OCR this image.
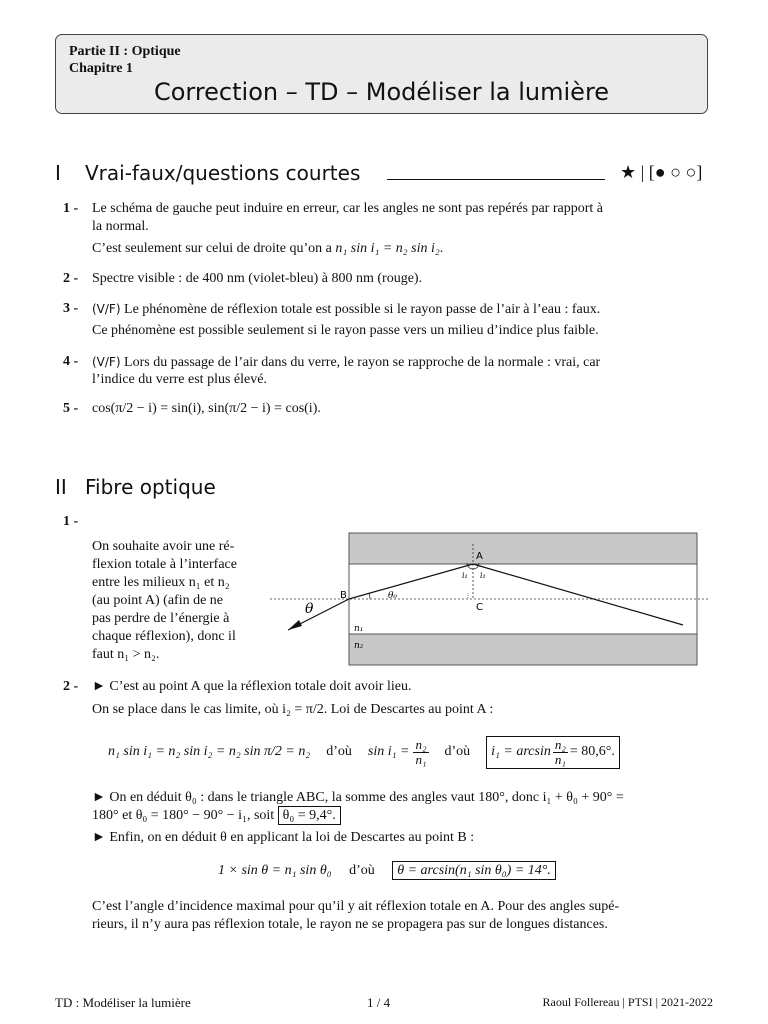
Partie II : Optique
Chapitre 1
Correction – TD – Modéliser la lumière
I Vrai-faux/questions courtes	★ | [● ○ ○]
1 - Le schéma de gauche peut induire en erreur, car les angles ne sont pas repérés par rapport à
la normal.
C’est seulement sur celui de droite qu’on a n₁ sin i₁ = n₂ sin i₂.
2 - Spectre visible : de 400 nm (violet-bleu) à 800 nm (rouge).
3 - (V/F) Le phénomène de réflexion totale est possible si le rayon passe de l’air à l’eau : faux.
Ce phénomène est possible seulement si le rayon passe vers un milieu d’indice plus faible.
4 - (V/F) Lors du passage de l’air dans du verre, le rayon se rapproche de la normale : vrai, car
l’indice du verre est plus élevé.
5 - cos(π/2 − i) = sin(i), sin(π/2 − i) = cos(i).
II Fibre optique
1 -
On souhaite avoir une ré-
flexion totale à l’interface
entre les milieux n₁ et n₂
(au point A) (afin de ne
pas perdre de l’énergie à
chaque réflexion), donc il
faut n₁ > n₂.
A
B
C
θ
θ₀
i₁ i₁
n₁
n₂
2 - ► C’est au point A que la réflexion totale doit avoir lieu.
On se place dans le cas limite, où i₂ = π/2. Loi de Descartes au point A :
n₁ sin i₁ = n₂ sin i₂ = n₂ sin π/2 = n₂ d’où $\sin i_1 = \frac{\text{n₂}}{\text{n₁}}$ d’où $i_1 = \arcsin \frac{\text{n₂}}{\text{n₁}} = 80,6^\circ$.
► On en déduit θ₀ : dans le triangle ABC, la somme des angles vaut 180°, donc i₁ + θ₀ + 90° =
180° et θ₀ = 180° − 90° − i₁, soit θ₀ = 9,4°.
► Enfin, on en déduit θ en applicant la loi de Descartes au point B :
1 × sin θ = n₁ sin θ₀ d’où θ = arcsin(n₁ sin θ₀) = 14°.
C’est l’angle d’incidence maximal pour qu’il y ait réflexion totale en A. Pour des angles supé-
rieurs, il n’y aura pas réflexion totale, le rayon ne se propagera pas sur de longues distances.
TD : Modéliser la lumière	1 / 4	Raoul Follereau | PTSI | 2021-2022
